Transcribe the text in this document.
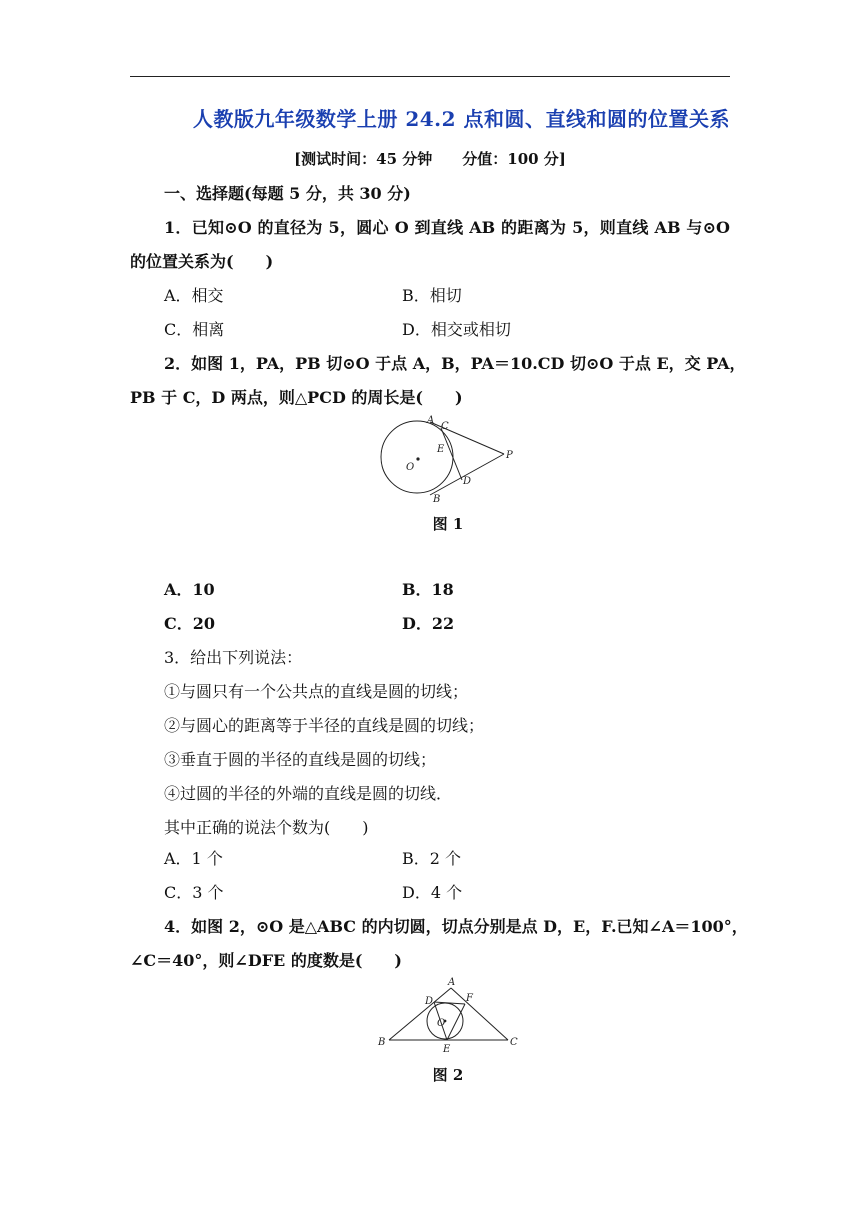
人教版九年级数学上册 24.2 点和圆、直线和圆的位置关系
[测试时间：45 分钟　　分值：100 分]
一、选择题(每题 5 分，共 30 分)
1．已知⊙O 的直径为 5，圆心 O 到直线 AB 的距离为 5，则直线 AB 与⊙O
的位置关系为(　　)
A．相交	B．相切
C．相离	D．相交或相切
2．如图 1，PA，PB 切⊙O 于点 A，B，PA＝10.CD 切⊙O 于点 E，交 PA，
PB 于 C，D 两点，则△PCD 的周长是(　　)
A
C
E
O
P
D
B
图 1
A．10	B．18
C．20	D．22
3．给出下列说法：
①与圆只有一个公共点的直线是圆的切线；
②与圆心的距离等于半径的直线是圆的切线；
③垂直于圆的半径的直线是圆的切线；
④过圆的半径的外端的直线是圆的切线．
其中正确的说法个数为(　　)
A．1 个	B．2 个
C．3 个	D．4 个
4．如图 2，⊙O 是△ABC 的内切圆，切点分别是点 D，E，F.已知∠A＝100°，
∠C＝40°，则∠DFE 的度数是(　　)
A
D	F
O
B
E
C
图 2
